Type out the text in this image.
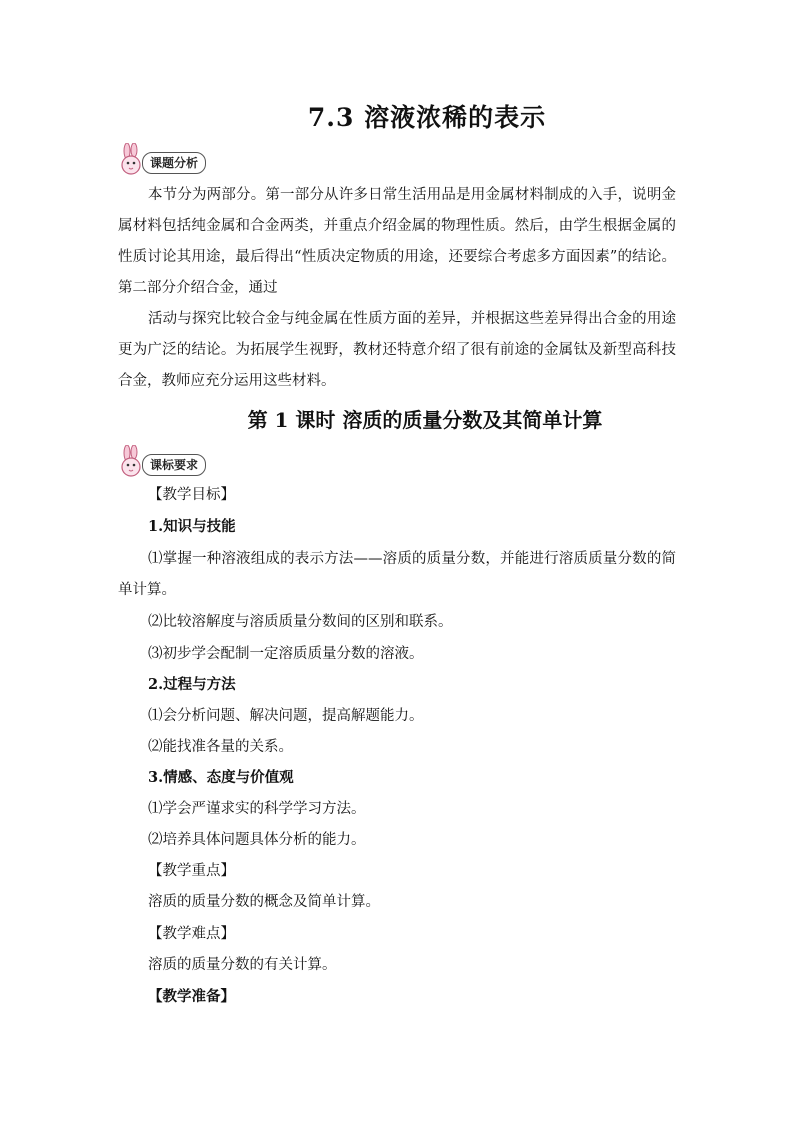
7.3 溶液浓稀的表示
课题分析

本节分为两部分。第一部分从许多日常生活用品是用金属材料制成的入手，说明金属材料包括纯金属和合金两类，并重点介绍金属的物理性质。然后，由学生根据金属的性质讨论其用途，最后得出“性质决定物质的用途，还要综合考虑多方面因素”的结论。第二部分介绍合金，通过

活动与探究比较合金与纯金属在性质方面的差异，并根据这些差异得出合金的用途更为广泛的结论。为拓展学生视野，教材还特意介绍了很有前途的金属钛及新型高科技合金，教师应充分运用这些材料。

第 1 课时 溶质的质量分数及其简单计算
课标要求
【教学目标】
1.知识与技能

⑴掌握一种溶液组成的表示方法——溶质的质量分数，并能进行溶质质量分数的简单计算。

⑵比较溶解度与溶质质量分数间的区别和联系。
⑶初步学会配制一定溶质质量分数的溶液。
2.过程与方法
⑴会分析问题、解决问题，提高解题能力。
⑵能找准各量的关系。
3.情感、态度与价值观
⑴学会严谨求实的科学学习方法。
⑵培养具体问题具体分析的能力。
【教学重点】
溶质的质量分数的概念及简单计算。
【教学难点】
溶质的质量分数的有关计算。
【教学准备】
